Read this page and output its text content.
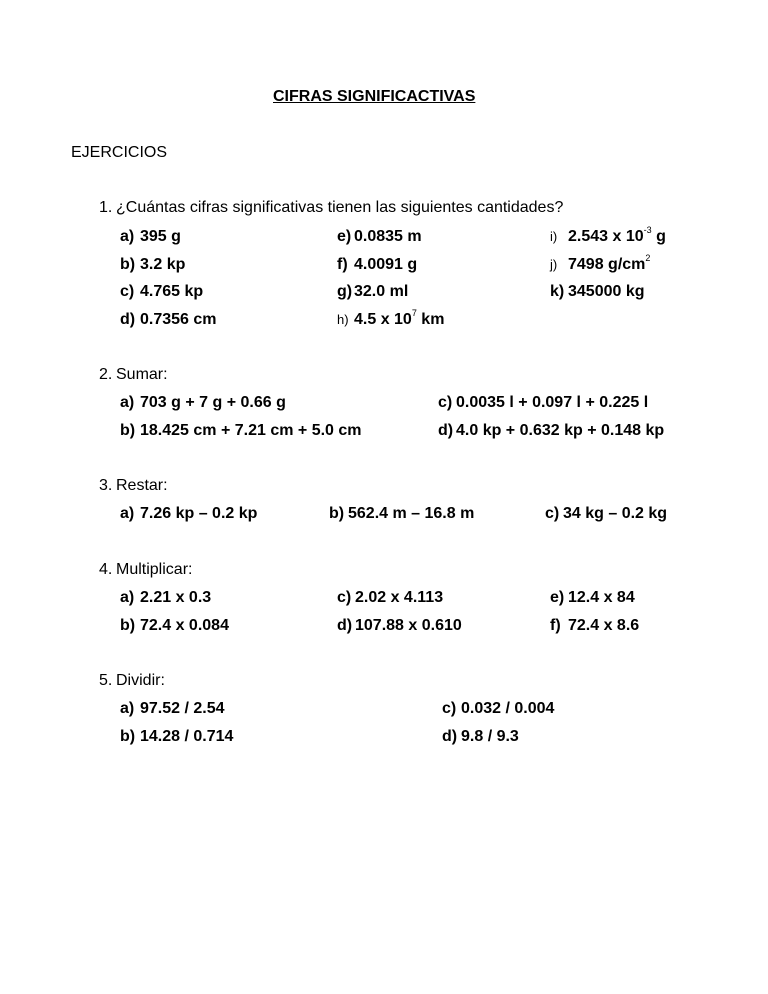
CIFRAS SIGNIFICACTIVAS
EJERCICIOS
1. ¿Cuántas cifras significativas tienen las siguientes cantidades?
a) 395 g
b) 3.2 kp
c) 4.765 kp
d) 0.7356 cm
e) 0.0835 m
f) 4.0091 g
g) 32.0 ml
h) 4.5 x $10^7$ km
i) 2.543 x $10^{-3}$ g
j) 7498 $g/cm^2$
k) 345000 kg
2. Sumar:
a) 703 g + 7 g + 0.66 g
b) 18.425 cm + 7.21 cm + 5.0 cm
c) 0.0035 l + 0.097 l + 0.225 l
d) 4.0 kp + 0.632 kp + 0.148 kp
3. Restar:
a) 7.26 kp – 0.2 kp	b) 562.4 m – 16.8 m	c) 34 kg – 0.2 kg
4. Multiplicar:
a) 2.21 x 0.3
b) 72.4 x 0.084
c) 2.02 x 4.113
d) 107.88 x 0.610
e) 12.4 x 84
f) 72.4 x 8.6
5. Dividir:
a) 97.52 / 2.54
b) 14.28 / 0.714
c) 0.032 / 0.004
d) 9.8 / 9.3
